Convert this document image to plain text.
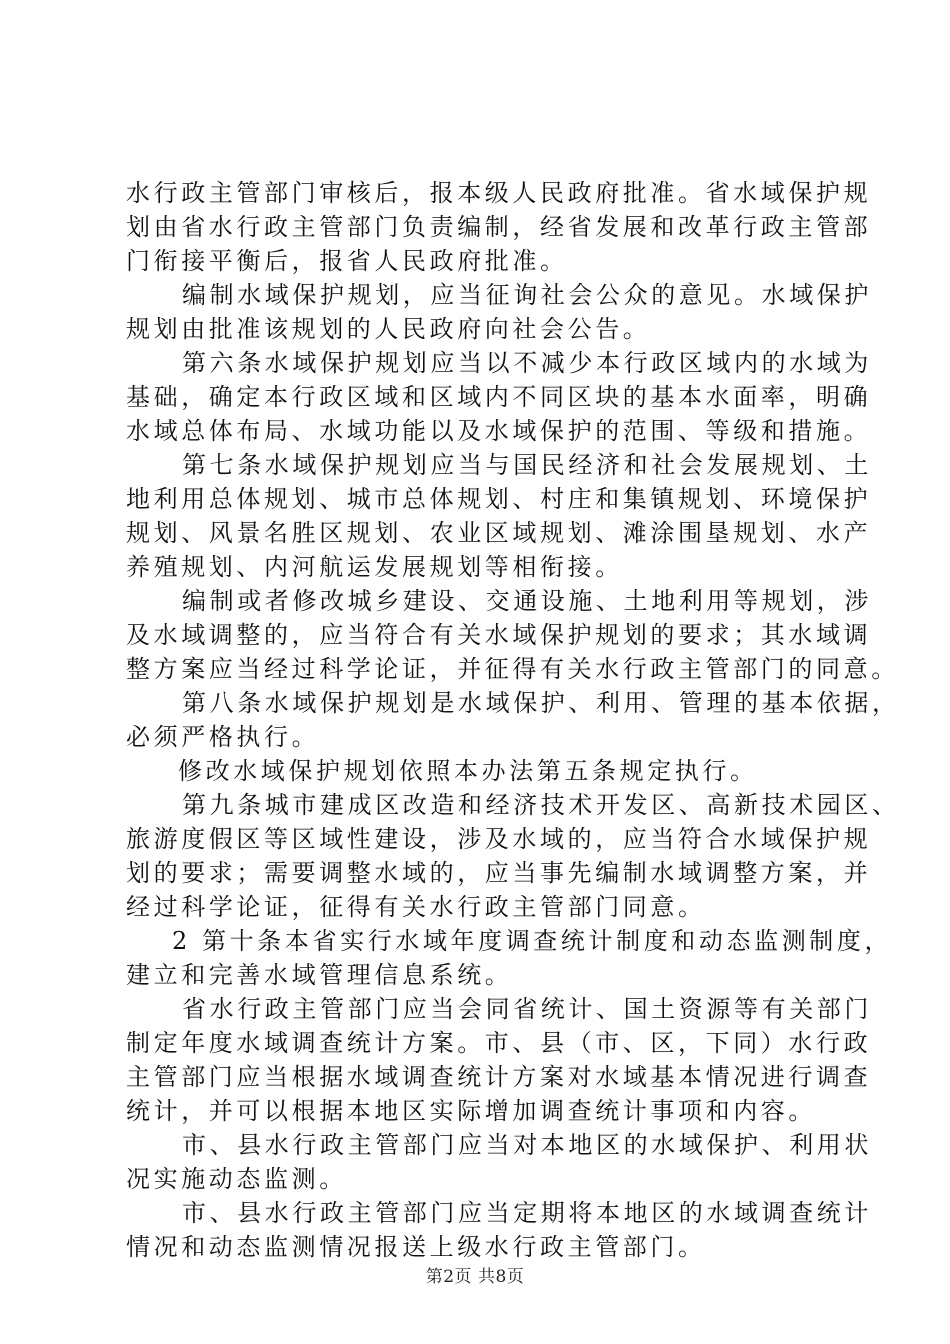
水行政主管部门审核后，报本级人民政府批准。省水域保护规
划由省水行政主管部门负责编制，经省发展和改革行政主管部
门衔接平衡后，报省人民政府批准。
编制水域保护规划，应当征询社会公众的意见。水域保护
规划由批准该规划的人民政府向社会公告。
第六条水域保护规划应当以不减少本行政区域内的水域为
基础，确定本行政区域和区域内不同区块的基本水面率，明确
水域总体布局、水域功能以及水域保护的范围、等级和措施。
第七条水域保护规划应当与国民经济和社会发展规划、土
地利用总体规划、城市总体规划、村庄和集镇规划、环境保护
规划、风景名胜区规划、农业区域规划、滩涂围垦规划、水产
养殖规划、内河航运发展规划等相衔接。
编制或者修改城乡建设、交通设施、土地利用等规划，涉
及水域调整的，应当符合有关水域保护规划的要求；其水域调
整方案应当经过科学论证，并征得有关水行政主管部门的同意。
第八条水域保护规划是水域保护、利用、管理的基本依据，
必须严格执行。
修改水域保护规划依照本办法第五条规定执行。
第九条城市建成区改造和经济技术开发区、高新技术园区、
旅游度假区等区域性建设，涉及水域的，应当符合水域保护规
划的要求；需要调整水域的，应当事先编制水域调整方案，并
经过科学论证，征得有关水行政主管部门同意。
2 第十条本省实行水域年度调查统计制度和动态监测制度，
建立和完善水域管理信息系统。
省水行政主管部门应当会同省统计、国土资源等有关部门
制定年度水域调查统计方案。市、县（市、区，下同）水行政
主管部门应当根据水域调查统计方案对水域基本情况进行调查
统计，并可以根据本地区实际增加调查统计事项和内容。
市、县水行政主管部门应当对本地区的水域保护、利用状
况实施动态监测。
市、县水行政主管部门应当定期将本地区的水域调查统计
情况和动态监测情况报送上级水行政主管部门。
第2页 共8页
